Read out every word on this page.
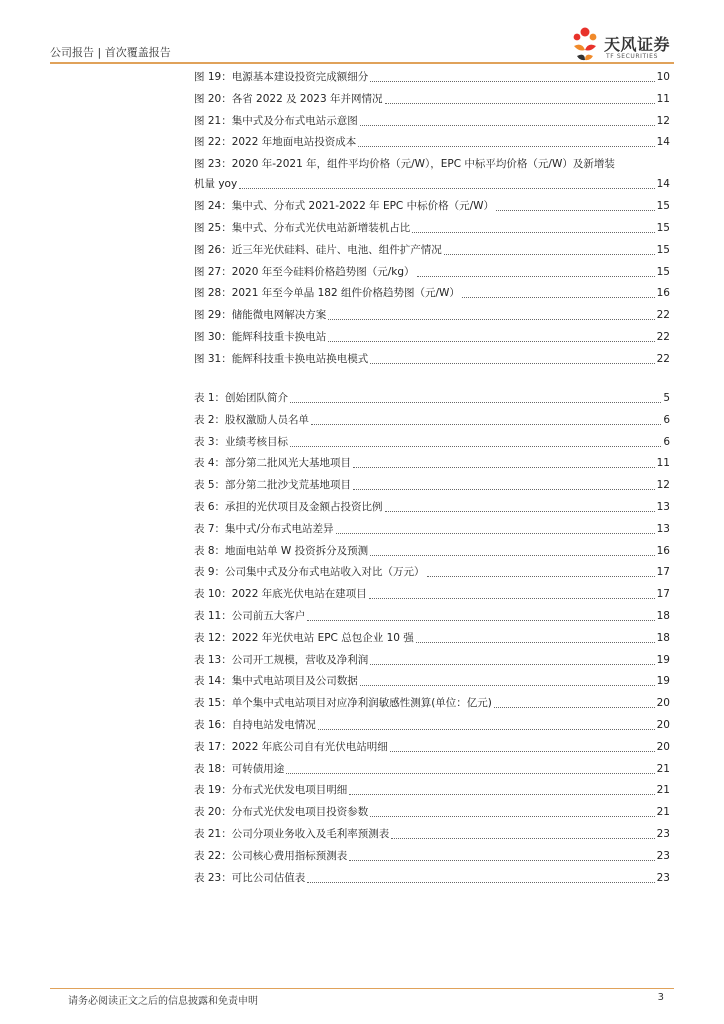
公司报告 | 首次覆盖报告	天风证券
TF SECURITIES
图 19：电源基本建设投资完成额细分	10
图 20：各省 2022 及 2023 年并网情况	11
图 21：集中式及分布式电站示意图	12
图 22：2022 年地面电站投资成本	14
图 23：2020 年-2021 年，组件平均价格（元/W），EPC 中标平均价格（元/W）及新增装
机量 yoy	14
图 24：集中式、分布式 2021-2022 年 EPC 中标价格（元/W）	15
图 25：集中式、分布式光伏电站新增装机占比	15
图 26：近三年光伏硅料、硅片、电池、组件扩产情况	15
图 27：2020 年至今硅料价格趋势图（元/kg）	15
图 28：2021 年至今单晶 182 组件价格趋势图（元/W）	16
图 29：储能微电网解决方案	22
图 30：能辉科技重卡换电站	22
图 31：能辉科技重卡换电站换电模式	22
表 1：创始团队简介	5
表 2：股权激励人员名单	6
表 3：业绩考核目标	6
表 4：部分第二批风光大基地项目	11
表 5：部分第二批沙戈荒基地项目	12
表 6：承担的光伏项目及金额占投资比例	13
表 7：集中式/分布式电站差异	13
表 8：地面电站单 W 投资拆分及预测	16
表 9：公司集中式及分布式电站收入对比（万元）	17
表 10：2022 年底光伏电站在建项目	17
表 11：公司前五大客户	18
表 12：2022 年光伏电站 EPC 总包企业 10 强	18
表 13：公司开工规模，营收及净利润	19
表 14：集中式电站项目及公司数据	19
表 15：单个集中式电站项目对应净利润敏感性测算(单位：亿元)	20
表 16：自持电站发电情况	20
表 17：2022 年底公司自有光伏电站明细	20
表 18：可转债用途	21
表 19：分布式光伏发电项目明细	21
表 20：分布式光伏发电项目投资参数	21
表 21：公司分项业务收入及毛利率预测表	23
表 22：公司核心费用指标预测表	23
表 23：可比公司估值表	23
请务必阅读正文之后的信息披露和免责申明	3
